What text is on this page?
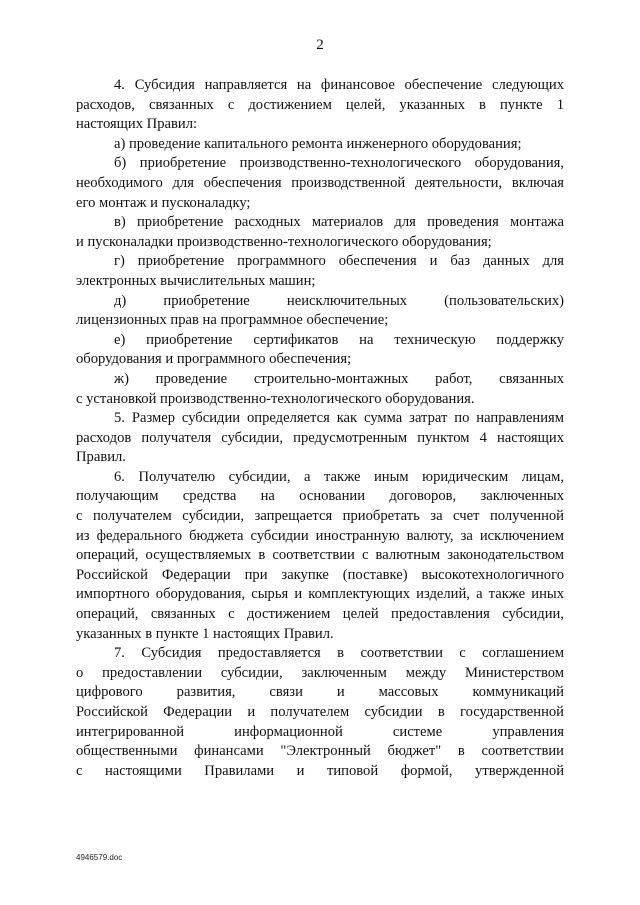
2
4. Субсидия направляется на финансовое обеспечение следующих
расходов, связанных с достижением целей, указанных в пункте 1
настоящих Правил:
а) проведение капитального ремонта инженерного оборудования;
б) приобретение производственно-технологического оборудования,
необходимого для обеспечения производственной деятельности, включая
его монтаж и пусконаладку;
в) приобретение расходных материалов для проведения монтажа
и пусконаладки производственно-технологического оборудования;
г) приобретение программного обеспечения и баз данных для
электронных вычислительных машин;
д) приобретение неисключительных (пользовательских)
лицензионных прав на программное обеспечение;
е) приобретение сертификатов на техническую поддержку
оборудования и программного обеспечения;
ж) проведение строительно-монтажных работ, связанных
с установкой производственно-технологического оборудования.
5. Размер субсидии определяется как сумма затрат по направлениям
расходов получателя субсидии, предусмотренным пунктом 4 настоящих
Правил.
6. Получателю субсидии, а также иным юридическим лицам,
получающим средства на основании договоров, заключенных
с получателем субсидии, запрещается приобретать за счет полученной
из федерального бюджета субсидии иностранную валюту, за исключением
операций, осуществляемых в соответствии с валютным законодательством
Российской Федерации при закупке (поставке) высокотехнологичного
импортного оборудования, сырья и комплектующих изделий, а также иных
операций, связанных с достижением целей предоставления субсидии,
указанных в пункте 1 настоящих Правил.
7. Субсидия предоставляется в соответствии с соглашением
о предоставлении субсидии, заключенным между Министерством
цифрового развития, связи и массовых коммуникаций
Российской Федерации и получателем субсидии в государственной
интегрированной информационной системе управления
общественными финансами "Электронный бюджет" в соответствии
с настоящими Правилами и типовой формой, утвержденной
4946579.doc
